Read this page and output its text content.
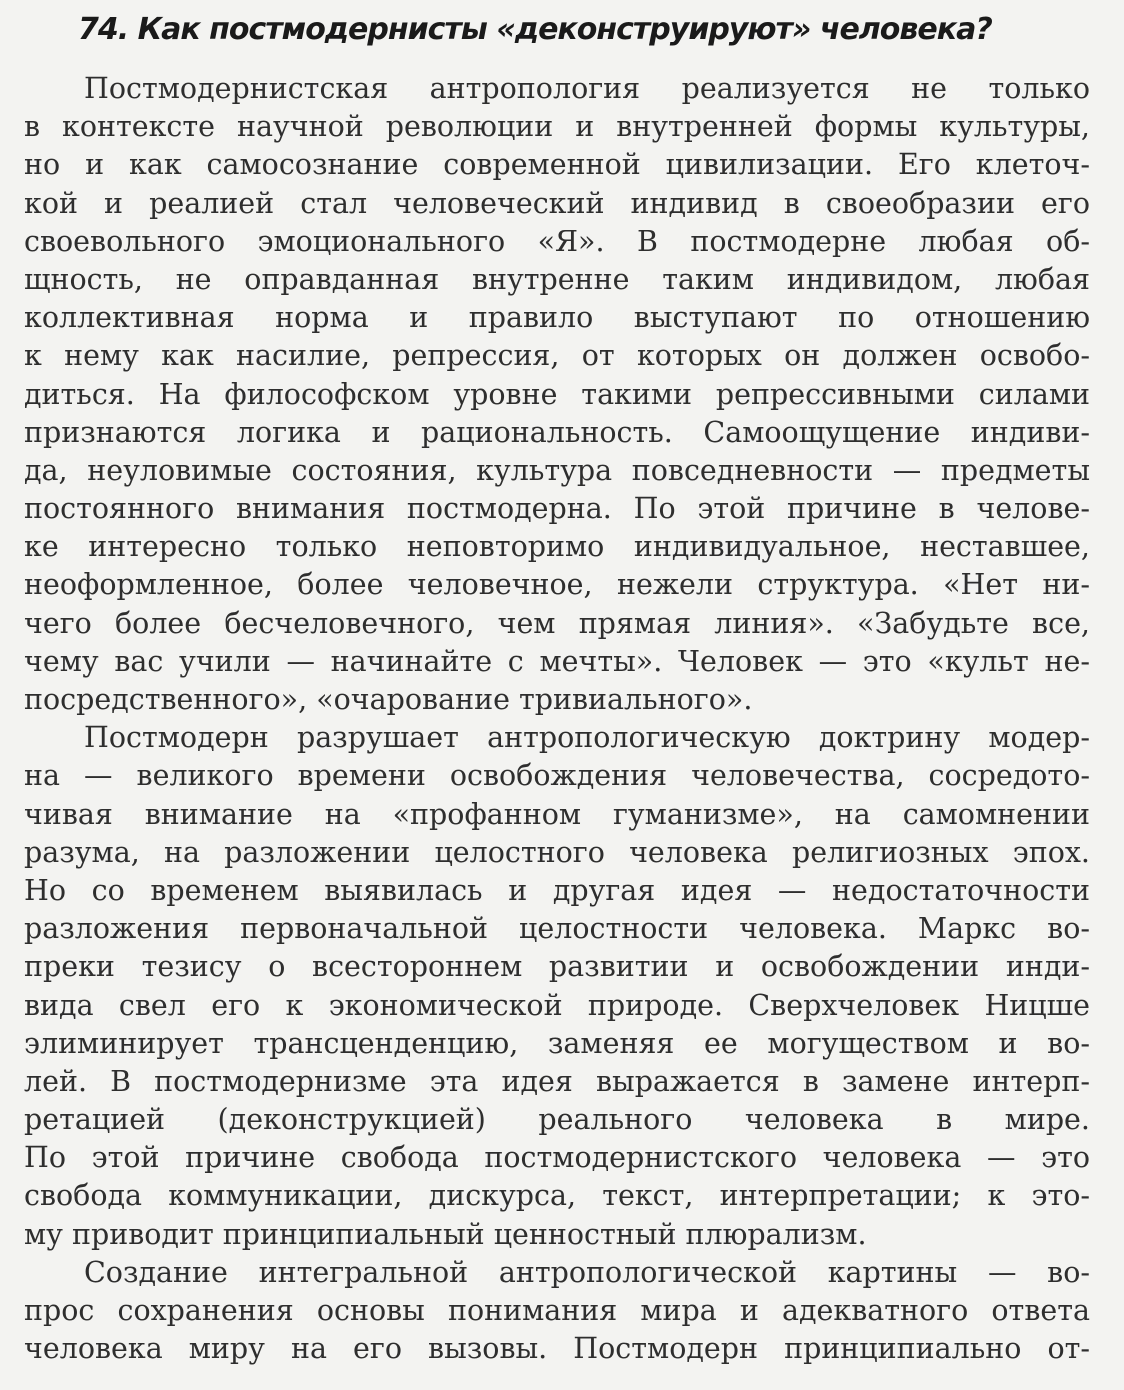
74. Как постмодернисты «деконструируют» человека?
Постмодернистская антропология реализуется не только
в контексте научной революции и внутренней формы культуры,
но и как самосознание современной цивилизации. Его клеточ-
кой и реалией стал человеческий индивид в своеобразии его
своевольного эмоционального «Я». В постмодерне любая об-
щность, не оправданная внутренне таким индивидом, любая
коллективная норма и правило выступают по отношению
к нему как насилие, репрессия, от которых он должен освобо-
диться. На философском уровне такими репрессивными силами
признаются логика и рациональность. Самоощущение индиви-
да, неуловимые состояния, культура повседневности — предметы
постоянного внимания постмодерна. По этой причине в челове-
ке интересно только неповторимо индивидуальное, неставшее,
неоформленное, более человечное, нежели структура. «Нет ни-
чего более бесчеловечного, чем прямая линия». «Забудьте все,
чему вас учили — начинайте с мечты». Человек — это «культ не-
посредственного», «очарование тривиального».
Постмодерн разрушает антропологическую доктрину модер-
на — великого времени освобождения человечества, сосредото-
чивая внимание на «профанном гуманизме», на самомнении
разума, на разложении целостного человека религиозных эпох.
Но со временем выявилась и другая идея — недостаточности
разложения первоначальной целостности человека. Маркс во-
преки тезису о всестороннем развитии и освобождении инди-
вида свел его к экономической природе. Сверхчеловек Ницше
элиминирует трансценденцию, заменяя ее могуществом и во-
лей. В постмодернизме эта идея выражается в замене интерп-
ретацией (деконструкцией) реального человека в мире.
По этой причине свобода постмодернистского человека — это
свобода коммуникации, дискурса, текст, интерпретации; к это-
му приводит принципиальный ценностный плюрализм.
Создание интегральной антропологической картины — во-
прос сохранения основы понимания мира и адекватного ответа
человека миру на его вызовы. Постмодерн принципиально от-
